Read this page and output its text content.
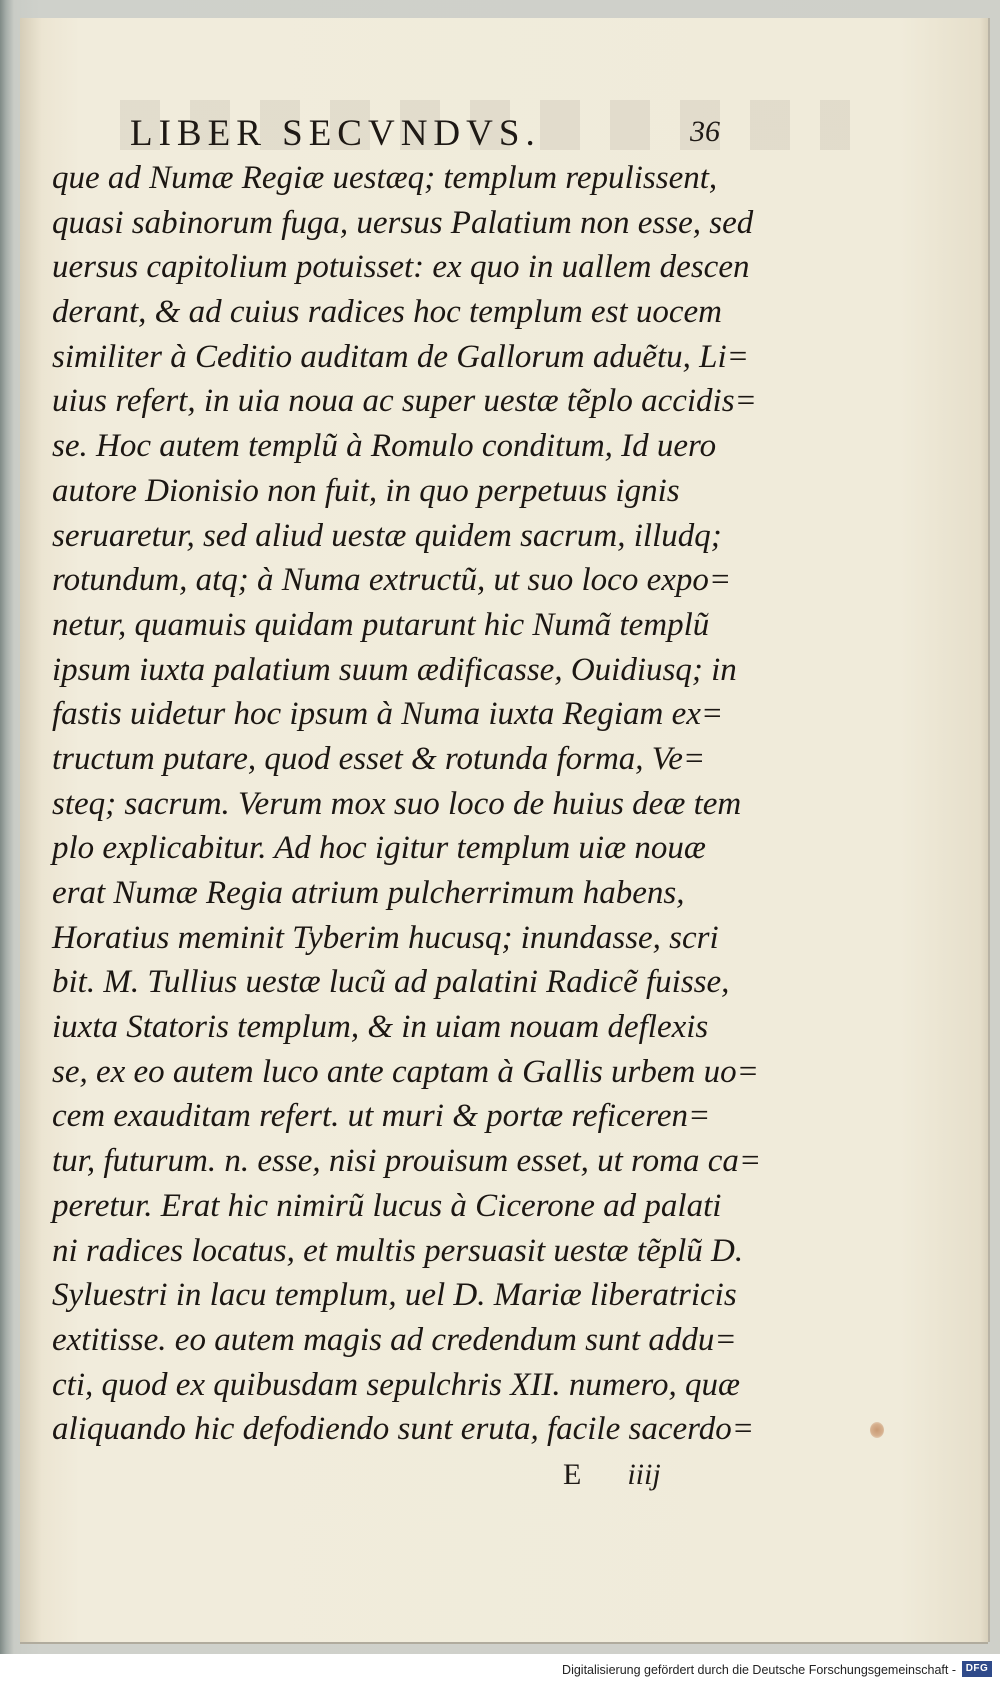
LIBER SECVNDVS.	36
que ad Numæ Regiæ uestæq; templum repulissent,
quasi sabinorum fuga, uersus Palatium non esse, sed
uersus capitolium potuisset: ex quo in uallem descen
derant, & ad cuius radices hoc templum est uocem
similiter à Ceditio auditam de Gallorum aduẽtu, Li=
uius refert, in uia noua ac super uestæ tẽplo accidis=
se. Hoc autem templũ à Romulo conditum, Id uero
autore Dionisio non fuit, in quo perpetuus ignis
seruaretur, sed aliud uestæ quidem sacrum, illudq;
rotundum, atq; à Numa extructũ, ut suo loco expo=
netur, quamuis quidam putarunt hic Numã templũ
ipsum iuxta palatium suum ædificasse, Ouidiusq; in
fastis uidetur hoc ipsum à Numa iuxta Regiam ex=
tructum putare, quod esset & rotunda forma, Ve=
steq; sacrum. Verum mox suo loco de huius deæ tem
plo explicabitur. Ad hoc igitur templum uiæ nouæ
erat Numæ Regia atrium pulcherrimum habens,
Horatius meminit Tyberim hucusq; inundasse, scri
bit. M. Tullius uestæ lucũ ad palatini Radicẽ fuisse,
iuxta Statoris templum, & in uiam nouam deflexis
se, ex eo autem luco ante captam à Gallis urbem uo=
cem exauditam refert. ut muri & portæ reficeren=
tur, futurum. n. esse, nisi prouisum esset, ut roma ca=
peretur. Erat hic nimirũ lucus à Cicerone ad palati
ni radices locatus, et multis persuasit uestæ tẽplũ D.
Syluestri in lacu templum, uel D. Mariæ liberatricis
extitisse. eo autem magis ad credendum sunt addu=
cti, quod ex quibusdam sepulchris XII. numero, quæ
aliquando hic defodiendo sunt eruta, facile sacerdo=
E iiij
Digitalisierung gefördert durch die Deutsche Forschungsgemeinschaft - DFG
